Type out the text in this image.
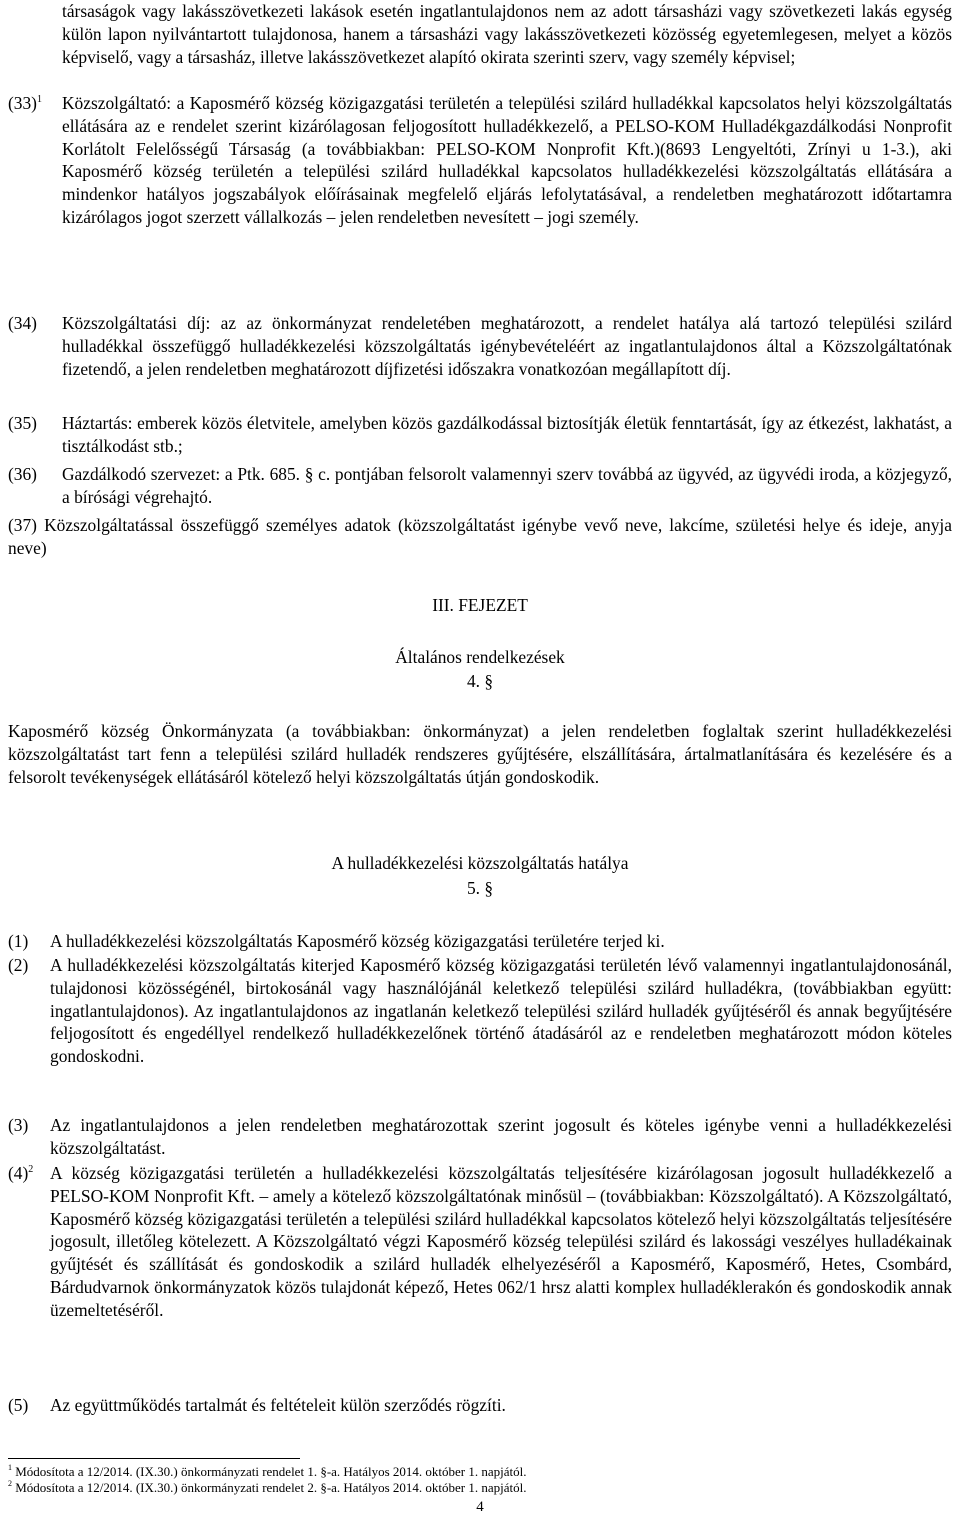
társaságok vagy lakásszövetkezeti lakások esetén ingatlantulajdonos nem az adott társasházi vagy szövetkezeti lakás egység külön lapon nyilvántartott tulajdonosa, hanem a társasházi vagy lakásszövetkezeti közösség egyetemlegesen, melyet a közös képviselő, vagy a társasház, illetve lakásszövetkezet alapító okirata szerinti szerv, vagy személy képvisel;

$(33)^1$ Közszolgáltató: a Kaposmérő község közigazgatási területén a települési szilárd hulladékkal kapcsolatos helyi közszolgáltatás ellátására az e rendelet szerint kizárólagosan feljogosított hulladékkezelő, a PELSO-KOM Hulladékgazdálkodási Nonprofit Korlátolt Felelősségű Társaság (a továbbiakban: PELSO-KOM Nonprofit Kft.)(8693 Lengyeltóti, Zrínyi u 1-3.), aki Kaposmérő község területén a települési szilárd hulladékkal kapcsolatos hulladékkezelési közszolgáltatás ellátására a mindenkor hatályos jogszabályok előírásainak megfelelő eljárás lefolytatásával, a rendeletben meghatározott időtartamra kizárólagos jogot szerzett vállalkozás – jelen rendeletben nevesített – jogi személy.

(34) Közszolgáltatási díj: az az önkormányzat rendeletében meghatározott, a rendelet hatálya alá tartozó települési szilárd hulladékkal összefüggő hulladékkezelési közszolgáltatás igénybevételéért az ingatlantulajdonos által a Közszolgáltatónak fizetendő, a jelen rendeletben meghatározott díjfizetési időszakra vonatkozóan megállapított díj.

(35) Háztartás: emberek közös életvitele, amelyben közös gazdálkodással biztosítják életük fenntartását, így az étkezést, lakhatást, a tisztálkodást stb.;

(36) Gazdálkodó szervezet: a Ptk. 685. § c. pontjában felsorolt valamennyi szerv továbbá az ügyvéd, az ügyvédi iroda, a közjegyző, a bírósági végrehajtó.

(37) Közszolgáltatással összefüggő személyes adatok (közszolgáltatást igénybe vevő neve, lakcíme, születési helye és ideje, anyja neve)

III. FEJEZET

Általános rendelkezések

4. §

Kaposmérő község Önkormányzata (a továbbiakban: önkormányzat) a jelen rendeletben foglaltak szerint hulladékkezelési közszolgáltatást tart fenn a települési szilárd hulladék rendszeres gyűjtésére, elszállítására, ártalmatlanítására és kezelésére és a felsorolt tevékenységek ellátásáról kötelező helyi közszolgáltatás útján gondoskodik.

A hulladékkezelési közszolgáltatás hatálya

5. §

(1) A hulladékkezelési közszolgáltatás Kaposmérő község közigazgatási területére terjed ki.

(2) A hulladékkezelési közszolgáltatás kiterjed Kaposmérő község közigazgatási területén lévő valamennyi ingatlantulajdonosánál, tulajdonosi közösségénél, birtokosánál vagy használójánál keletkező települési szilárd hulladékra, (továbbiakban együtt: ingatlantulajdonos). Az ingatlantulajdonos az ingatlanán keletkező települési szilárd hulladék gyűjtéséről és annak begyűjtésére feljogosított és engedéllyel rendelkező hulladékkezelőnek történő átadásáról az e rendeletben meghatározott módon köteles gondoskodni.

(3) Az ingatlantulajdonos a jelen rendeletben meghatározottak szerint jogosult és köteles igénybe venni a hulladékkezelési közszolgáltatást.

$(4)^2$ A község közigazgatási területén a hulladékkezelési közszolgáltatás teljesítésére kizárólagosan jogosult hulladékkezelő a PELSO-KOM Nonprofit Kft. – amely a kötelező közszolgáltatónak minősül – (továbbiakban: Közszolgáltató). A Közszolgáltató, Kaposmérő község közigazgatási területén a települési szilárd hulladékkal kapcsolatos kötelező helyi közszolgáltatás teljesítésére jogosult, illetőleg kötelezett. A Közszolgáltató végzi Kaposmérő község települési szilárd és lakossági veszélyes hulladékainak gyűjtését és szállítását és gondoskodik a szilárd hulladék elhelyezéséről a Kaposmérő, Kaposmérő, Hetes, Csombárd, Bárdudvarnok önkormányzatok közös tulajdonát képező, Hetes 062/1 hrsz alatti komplex hulladéklerakón és gondoskodik annak üzemeltetéséről.

(5) Az együttműködés tartalmát és feltételeit külön szerződés rögzíti.

$^1$ Módosítota a 12/2014. (IX.30.) önkormányzati rendelet 1. §-a. Hatályos 2014. október 1. napjától.

$^2$ Módosítota a 12/2014. (IX.30.) önkormányzati rendelet 2. §-a. Hatályos 2014. október 1. napjától.

4
